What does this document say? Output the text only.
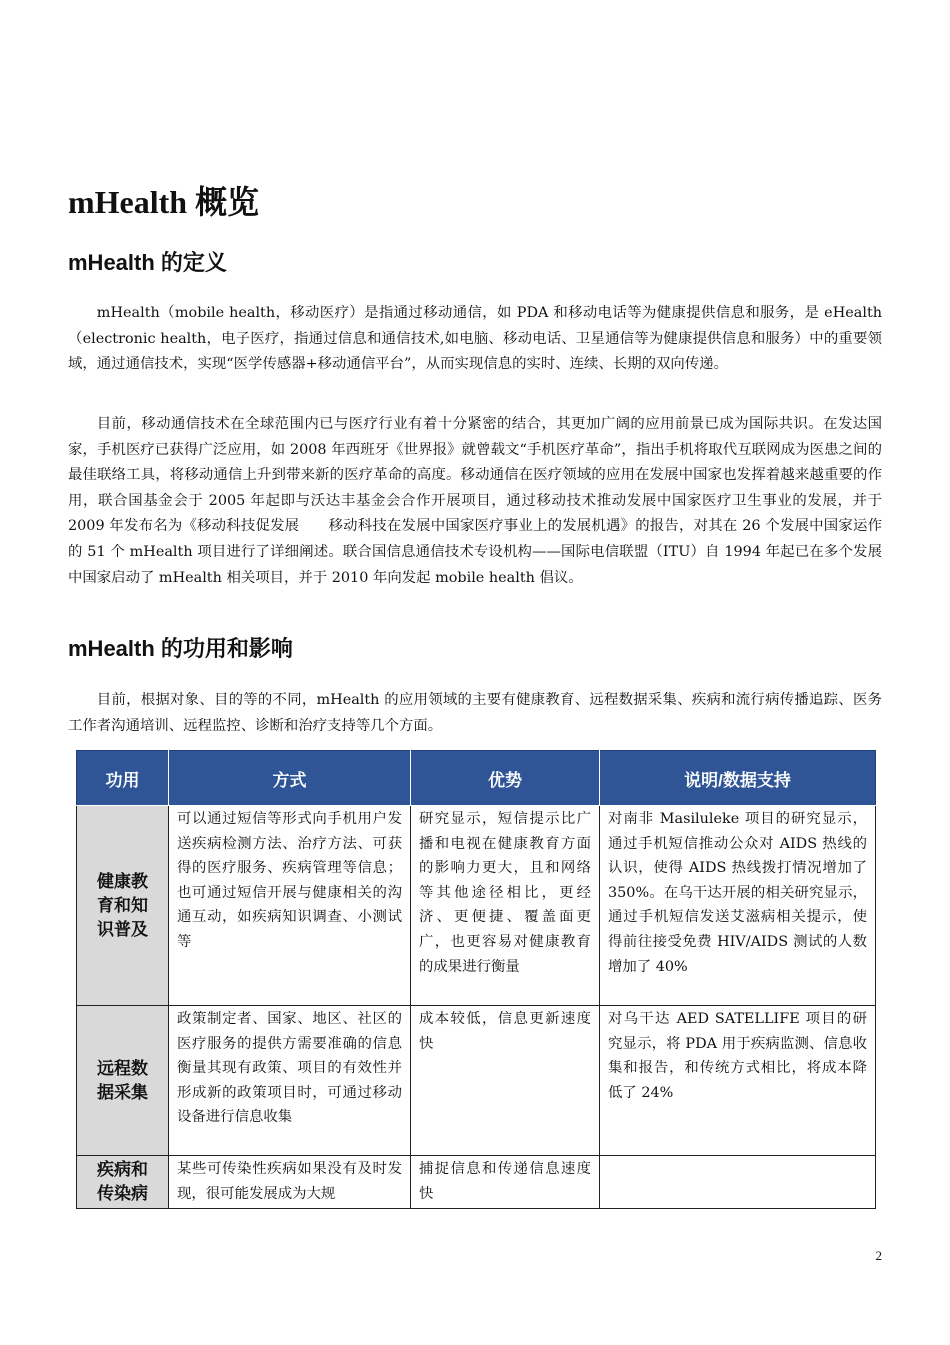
mHealth 概览
mHealth 的定义

mHealth（mobile health，移动医疗）是指通过移动通信，如 PDA 和移动电话等为健康提供信息和服务，是 eHealth（electronic health，电子医疗，指通过信息和通信技术,如电脑、移动电话、卫星通信等为健康提供信息和服务）中的重要领域，通过通信技术，实现“医学传感器+移动通信平台”，从而实现信息的实时、连续、长期的双向传递。

目前，移动通信技术在全球范围内已与医疗行业有着十分紧密的结合，其更加广阔的应用前景已成为国际共识。在发达国家，手机医疗已获得广泛应用，如 2008 年西班牙《世界报》就曾载文“手机医疗革命”，指出手机将取代互联网成为医患之间的最佳联络工具，将移动通信上升到带来新的医疗革命的高度。移动通信在医疗领域的应用在发展中国家也发挥着越来越重要的作用，联合国基金会于 2005 年起即与沃达丰基金会合作开展项目，通过移动技术推动发展中国家医疗卫生事业的发展，并于 2009 年发布名为《移动科技促发展　　移动科技在发展中国家医疗事业上的发展机遇》的报告，对其在 26 个发展中国家运作的 51 个 mHealth 项目进行了详细阐述。联合国信息通信技术专设机构——国际电信联盟（ITU）自 1994 年起已在多个发展中国家启动了 mHealth 相关项目，并于 2010 年向发起 mobile health 倡议。

mHealth 的功用和影响

目前，根据对象、目的等的不同，mHealth 的应用领域的主要有健康教育、远程数据采集、疾病和流行病传播追踪、医务工作者沟通培训、远程监控、诊断和治疗支持等几个方面。

功用	方式	优势	说明/数据支持
健康教育和知识普及	可以通过短信等形式向手机用户发送疾病检测方法、治疗方法、可获得的医疗服务、疾病管理等信息；也可通过短信开展与健康相关的沟通互动，如疾病知识调查、小测试等	研究显示，短信提示比广播和电视在健康教育方面的影响力更大，且和网络等其他途径相比，更经济、更便捷、覆盖面更广，也更容易对健康教育的成果进行衡量	对南非 Masiluleke 项目的研究显示，通过手机短信推动公众对 AIDS 热线的认识，使得 AIDS 热线拨打情况增加了 350%。在乌干达开展的相关研究显示，通过手机短信发送艾滋病相关提示，使得前往接受免费 HIV/AIDS 测试的人数增加了 40%
远程数据采集	政策制定者、国家、地区、社区的医疗服务的提供方需要准确的信息衡量其现有政策、项目的有效性并形成新的政策项目时，可通过移动设备进行信息收集	成本较低，信息更新速度快	对乌干达 AED SATELLIFE 项目的研究显示，将 PDA 用于疾病监测、信息收集和报告，和传统方式相比，将成本降低了 24%
疾病和传染病	某些可传染性疾病如果没有及时发现，很可能发展成为大规	捕捉信息和传递信息速度快	
2
